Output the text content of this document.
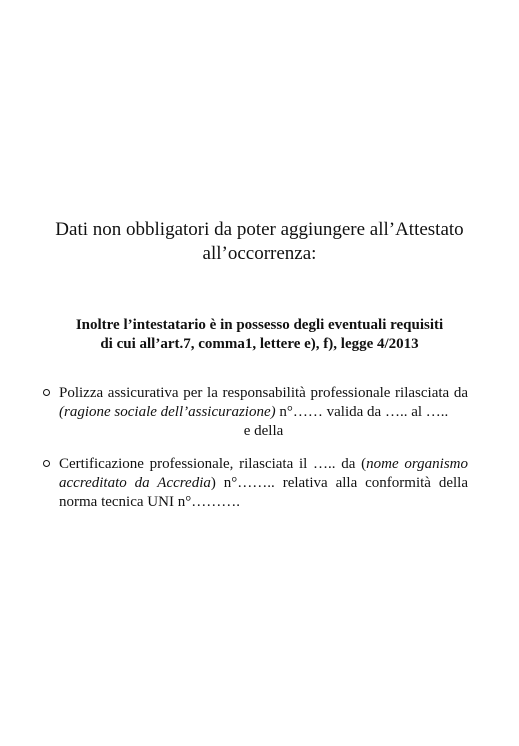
Dati non obbligatori da poter aggiungere all’Attestato
all’occorrenza:
Inoltre l’intestatario è in possesso degli eventuali requisiti
di cui all’art.7, comma1, lettere e), f), legge 4/2013
Polizza assicurativa per la responsabilità professionale rilasciata da (ragione sociale dell’assicurazione) n°…… valida da ….. al …..
e della
Certificazione professionale, rilasciata il ….. da (nome organismo accreditato da Accredia) n°…….. relativa alla conformità della norma tecnica UNI n°……….
